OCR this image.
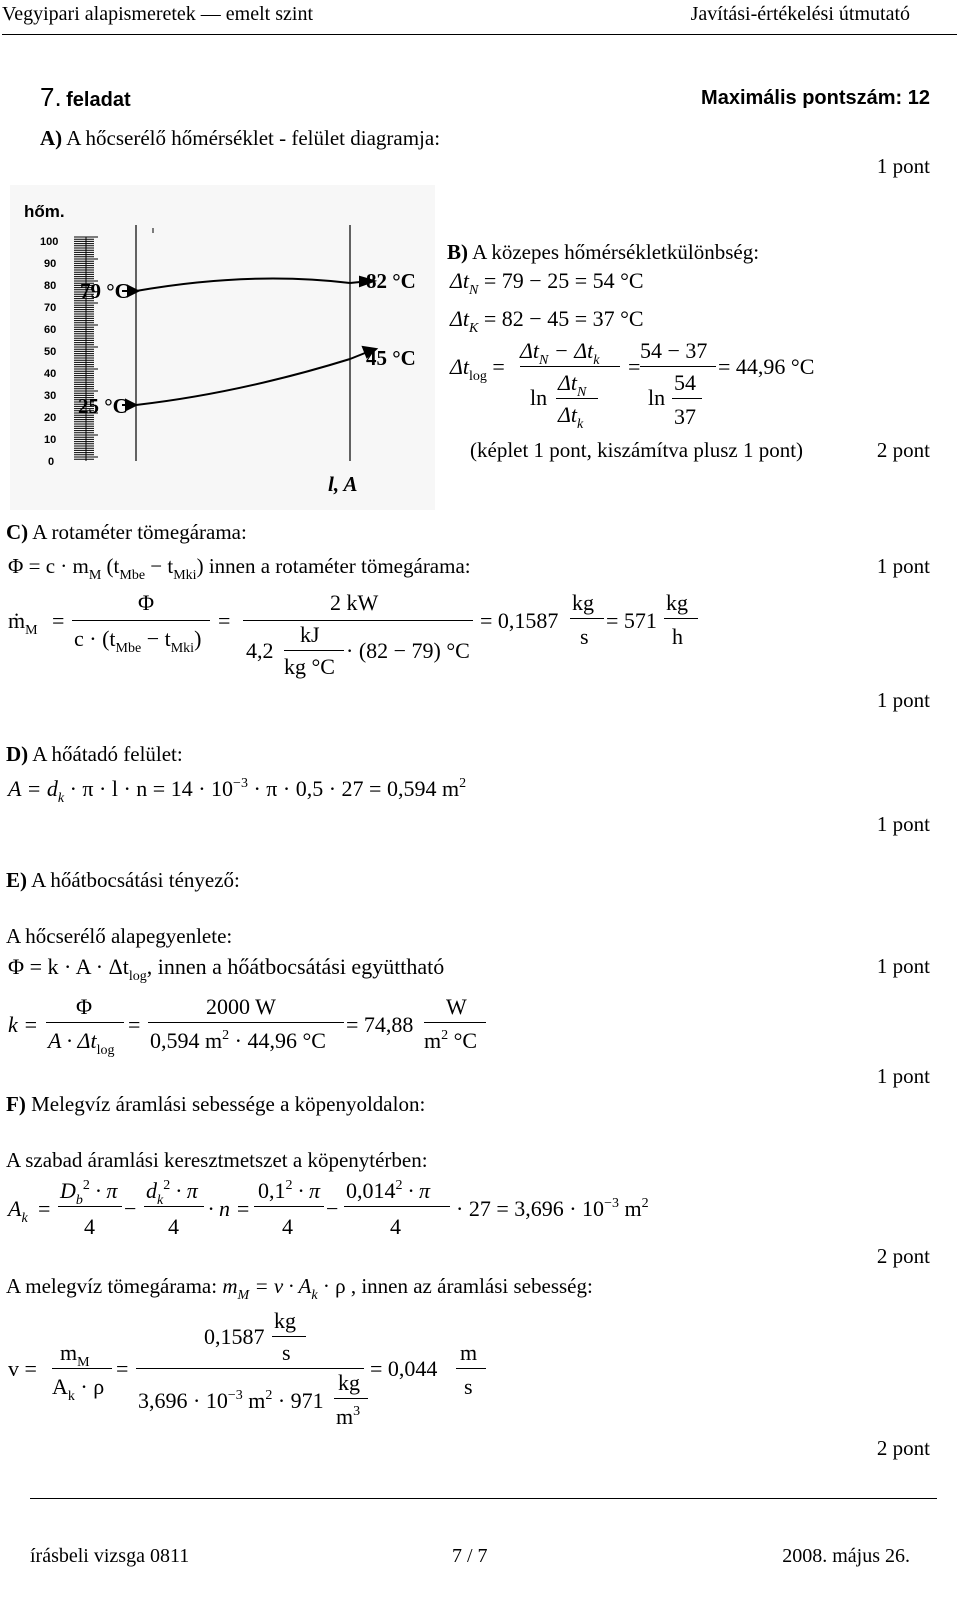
Vegyipari alapismeretek — emelt szint	Javítási-értékelési útmutató
7. feladat	Maximális pontszám: 12
A) A hőcserélő hőmérséklet - felület diagramja:
1 pont
hőm.
100
90
80
70
60
50
40
30
20
10
0
79 °C
25 °C
82 °C
45 °C
l, A
B) A közepes hőmérsékletkülönbség:
$\Delta t_N = 79 - 25 = 54$ °C
$\Delta t_K = 82 - 45 = 37$ °C
$\Delta t_{log}$ =
$\Delta t_N - \Delta t_k$
ln
$\Delta t_N$
$\Delta t_k$
=
54 − 37
ln
54
37
= 44,96 °C
(képlet 1 pont, kiszámítva plusz 1 pont)	2 pont
C) A rotaméter tömegárama:
$\Phi = c \cdot m_M$ $(t_{Mbe} - t_{Mki})$ innen a rotaméter tömegárama:	1 pont
ṁ$_M$ =
Φ
$c \cdot (t_{Mbe} - t_{Mki})$
=
2 kW
4,2
kJ
kg °C
· (82 − 79) °C
= 0,1587
kg
s
= 571
kg
h
1 pont
D) A hőátadó felület:
$A = d_k \cdot \pi \cdot l \cdot n = 14 \cdot 10^{-3} \cdot \pi \cdot 0,5 \cdot 27 = 0,594$ $m^2$
1 pont
E) A hőátbocsátási tényező:
A hőcserélő alapegyenlete:
$\Phi = k \cdot A \cdot \Delta t_{log}$, innen a hőátbocsátási együttható	1 pont
k =
Φ
$A \cdot \Delta t_{log}$
=
2000 W
0,594 $m^2 \cdot 44,96$ °C
= 74,88
W
$m^2$ °C
1 pont
F) Melegvíz áramlási sebessége a köpenyoldalon:
A szabad áramlási keresztmetszet a köpenytérben:
$A_k$ =
$D_b^2 \cdot \pi$
4
−
$d_k^2 \cdot \pi$
4
· n =
$0,1^2 \cdot \pi$
4
−
$0,014^2 \cdot \pi$
4
· $27 = 3,696 \cdot 10^{-3}$ $m^2$
2 pont
A melegvíz tömegárama: $m_M = v \cdot A_k \cdot \rho$ , innen az áramlási sebesség:
v =
$m_M$
$A_k \cdot \rho$
=
0,1587
kg
s
$3,696 \cdot 10^{-3}$ $m^2 \cdot 971$
kg
$m^3$
= 0,044
m
s
2 pont
írásbeli vizsga 0811	7 / 7	2008. május 26.
